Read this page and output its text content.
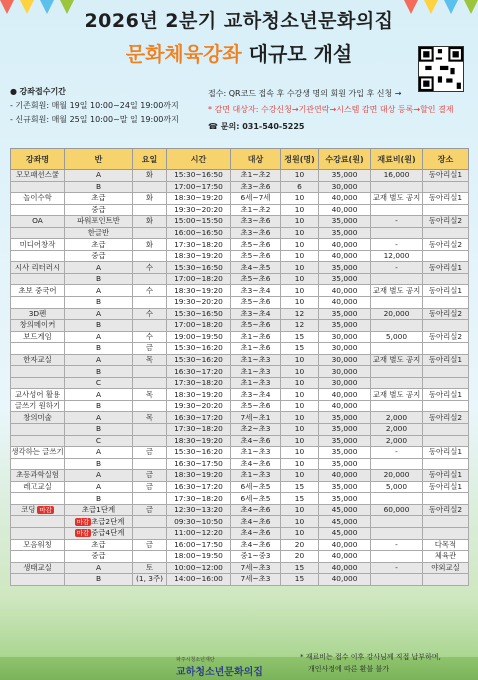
2026년 2분기 교하청소년문화의집
문화체육강좌 대규모 개설
● 강좌접수기간
- 기존회원: 매월 19일 10:00~24일 19:00까지
- 신규회원: 매월 25일 10:00~말 일 19:00까지
접수: QR코드 접속 후 수강생 명의 회원 가입 후 신청 →
* 감면 대상자: 수강신청→기관연락→시스템 감면 대상 등록→할인 결제
☎ 문의: 031-540-5225
강좌명	반	요일	시간	대상	정원(명)	수강료(원)	재료비(원)	장소
모모패션스쿨	A	화	15:30~16:50	초1~초2	10	35,000	16,000	동아리실1
	B		17:00~17:50	초3~초6	6	30,000		
놀이수학	초급	화	18:30~19:20	6세~7세	10	40,000	교재 별도 공지	동아리실1
	중급		19:30~20:20	초1~초2	10	40,000		
OA	파워포인트반	화	15:00~15:50	초3~초6	10	35,000	-	동아리실2
	한글반		16:00~16:50	초3~초6	10	35,000		
미디어창작	초급	화	17:30~18:20	초5~초6	10	40,000	-	동아리실2
	중급		18:30~19:20	초5~초6	10	40,000	12,000	
시사 리터러시	A	수	15:30~16:50	초4~초5	10	35,000	-	동아리실1
	B		17:00~18:20	초5~초6	10	35,000		
초보 중국어	A	수	18:30~19:20	초3~초4	10	40,000	교재 별도 공지	동아리실1
	B		19:30~20:20	초5~초6	10	40,000		
3D펜	A	수	15:30~16:50	초3~초4	12	35,000	20,000	동아리실2
창의메이커	B		17:00~18:20	초5~초6	12	35,000		
보드게임	A	수	19:00~19:50	초1~초6	15	30,000	5,000	동아리실2
	B	금	15:30~16:20	초1~초6	15	30,000		
한자교실	A	목	15:30~16:20	초1~초3	10	30,000	교재 별도 공지	동아리실1
	B		16:30~17:20	초1~초3	10	30,000		
	C		17:30~18:20	초1~초3	10	30,000		
교사성어 활용	A	목	18:30~19:20	초3~초4	10	40,000	교재 별도 공지	동아리실1
글쓰기 원하기	B		19:30~20:20	초5~초6	10	40,000		
창의미술	A	목	16:30~17:20	7세~초1	10	35,000	2,000	동아리실2
	B		17:30~18:20	초2~초3	10	35,000	2,000	
	C		18:30~19:20	초4~초6	10	35,000	2,000	
생각하는 글쓰기	A	금	15:30~16:20	초1~초3	10	35,000	-	동아리실1
	B		16:30~17:50	초4~초6	10	35,000		
초등과학실험	A	금	18:30~19:20	초1~초3	10	40,000	20,000	동아리실1
레고교실	A	금	16:30~17:20	6세~초5	15	35,000	5,000	동아리실1
	B		17:30~18:20	6세~초5	15	35,000		
코딩 마감	초급1단계	금	12:30~13:20	초4~초6	10	45,000	60,000	동아리실2
	마감 초급2단계		09:30~10:50	초4~초6	10	45,000		
	마감 중급4단계		11:00~12:20	초4~초6	10	45,000		
모음워칭	초급	금	16:00~17:50	초4~초6	20	40,000	-	다목적
	중급		18:00~19:50	중1~중3	20	40,000		체육관
생태교실	A	토	10:00~12:00	7세~초3	15	40,000	-	야외교실
	B	(1, 3주)	14:00~16:00	7세~초3	15	40,000		
파주시청소년재단
교하청소년문화의집
* 재료비는 접수 이후 강사님께 직접 납부하며,
개인사정에 따른 환불 불가
